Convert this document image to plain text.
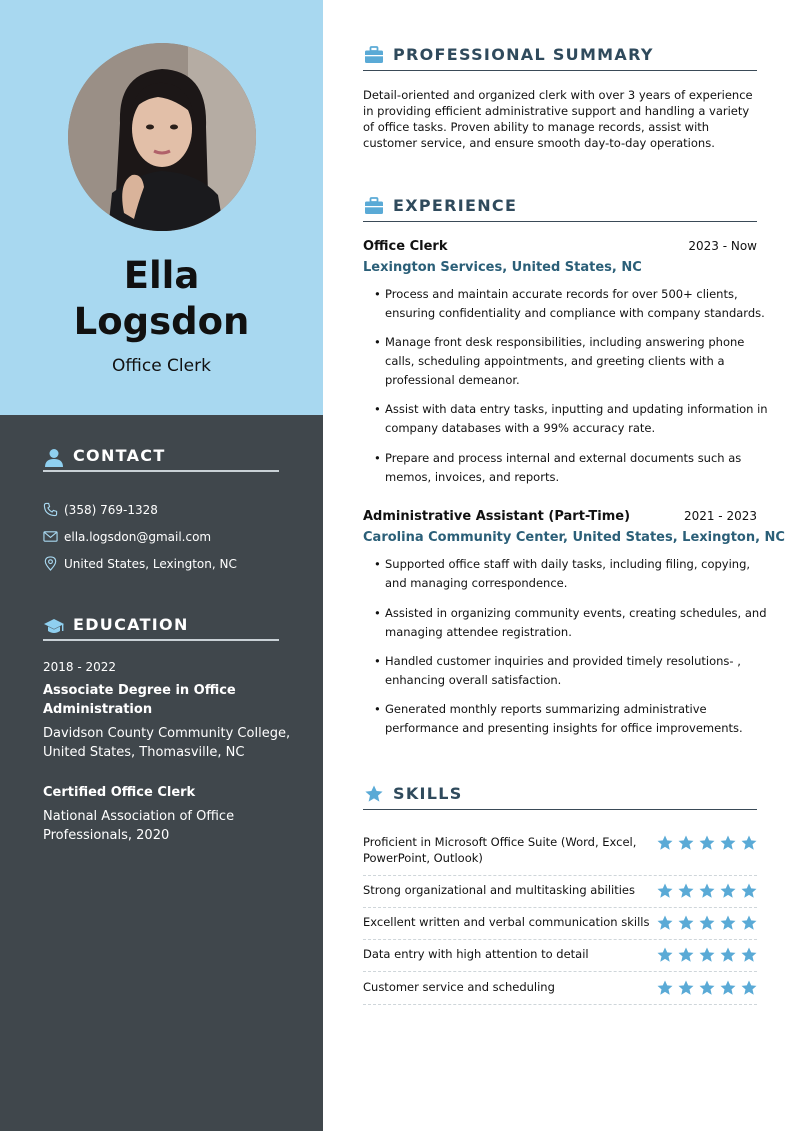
Ella
Logsdon
Office Clerk
CONTACT
(358) 769-1328
ella.logsdon@gmail.com
United States, Lexington, NC
EDUCATION
2018 - 2022
Associate Degree in Office
Administration
Davidson County Community College,
United States, Thomasville, NC
Certified Office Clerk
National Association of Office
Professionals, 2020
PROFESSIONAL SUMMARY
Detail-oriented and organized clerk with over 3 years of experience in providing efficient administrative support and handling a variety of office tasks. Proven ability to manage records, assist with customer service, and ensure smooth day-to-day operations.
EXPERIENCE
Office Clerk	2023 - Now
Lexington Services, United States, NC
• Process and maintain accurate records for over 500+ clients, ensuring confidentiality and compliance with company standards.
• Manage front desk responsibilities, including answering phone calls, scheduling appointments, and greeting clients with a professional demeanor.
• Assist with data entry tasks, inputting and updating information in company databases with a 99% accuracy rate.
• Prepare and process internal and external documents such as memos, invoices, and reports.
Administrative Assistant (Part-Time)	2021 - 2023
Carolina Community Center, United States, Lexington, NC
• Supported office staff with daily tasks, including filing, copying, and managing correspondence.
• Assisted in organizing community events, creating schedules, and managing attendee registration.
• Handled customer inquiries and provided timely resolutions- , enhancing overall satisfaction.
• Generated monthly reports summarizing administrative performance and presenting insights for office improvements.
SKILLS
Proficient in Microsoft Office Suite (Word, Excel, PowerPoint, Outlook)
Strong organizational and multitasking abilities
Excellent written and verbal communication skills
Data entry with high attention to detail
Customer service and scheduling
